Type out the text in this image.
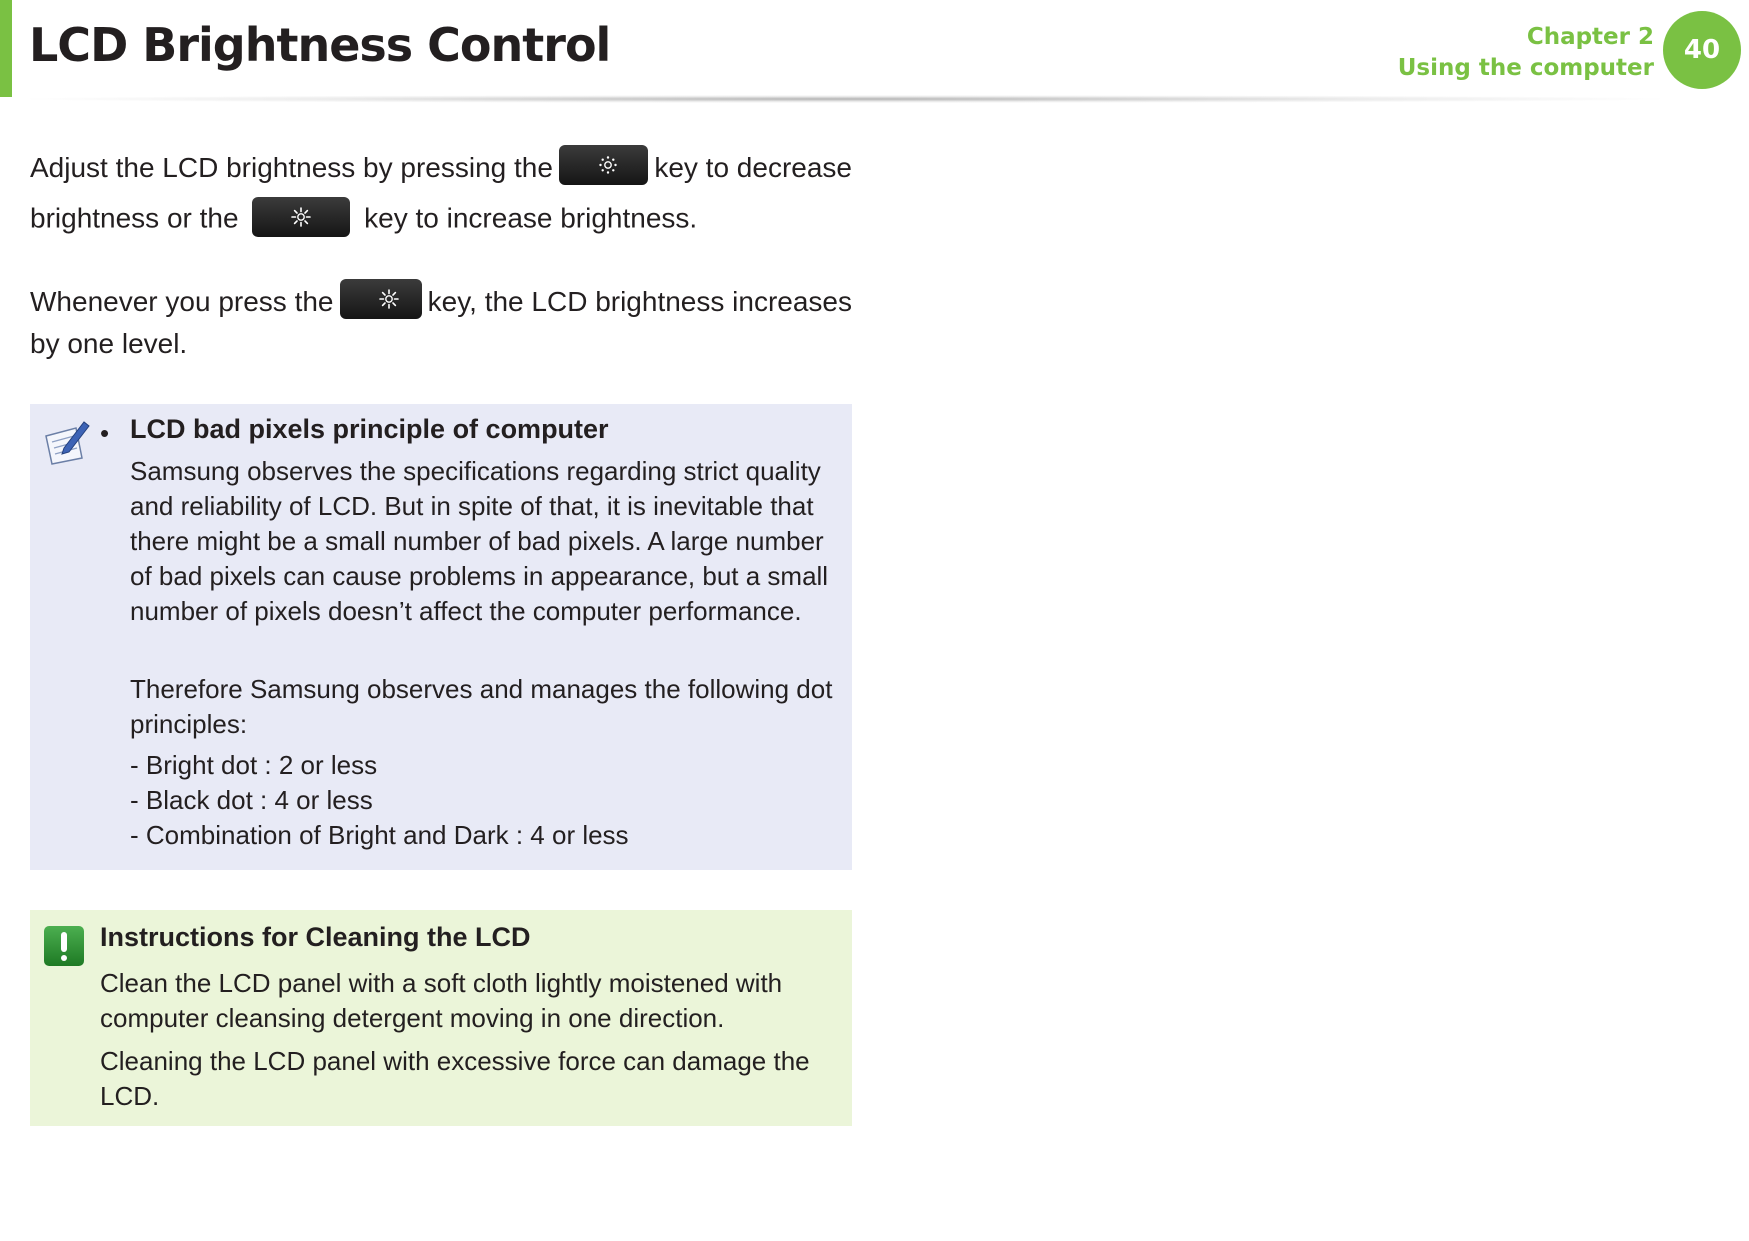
LCD Brightness Control	Chapter 2
Using the computer
40
Adjust the LCD brightness by pressing the	key to decrease
brightness or the	key to increase brightness.
Whenever you press the	key, the LCD brightness increases
by one level.
• LCD bad pixels principle of computer
Samsung observes the specifications regarding strict quality and reliability of LCD. But in spite of that, it is inevitable that there might be a small number of bad pixels. A large number of bad pixels can cause problems in appearance, but a small number of pixels doesn’t affect the computer performance.
Therefore Samsung observes and manages the following dot principles:
- Bright dot : 2 or less
- Black dot : 4 or less
- Combination of Bright and Dark : 4 or less
Instructions for Cleaning the LCD
Clean the LCD panel with a soft cloth lightly moistened with computer cleansing detergent moving in one direction.
Cleaning the LCD panel with excessive force can damage the LCD.
